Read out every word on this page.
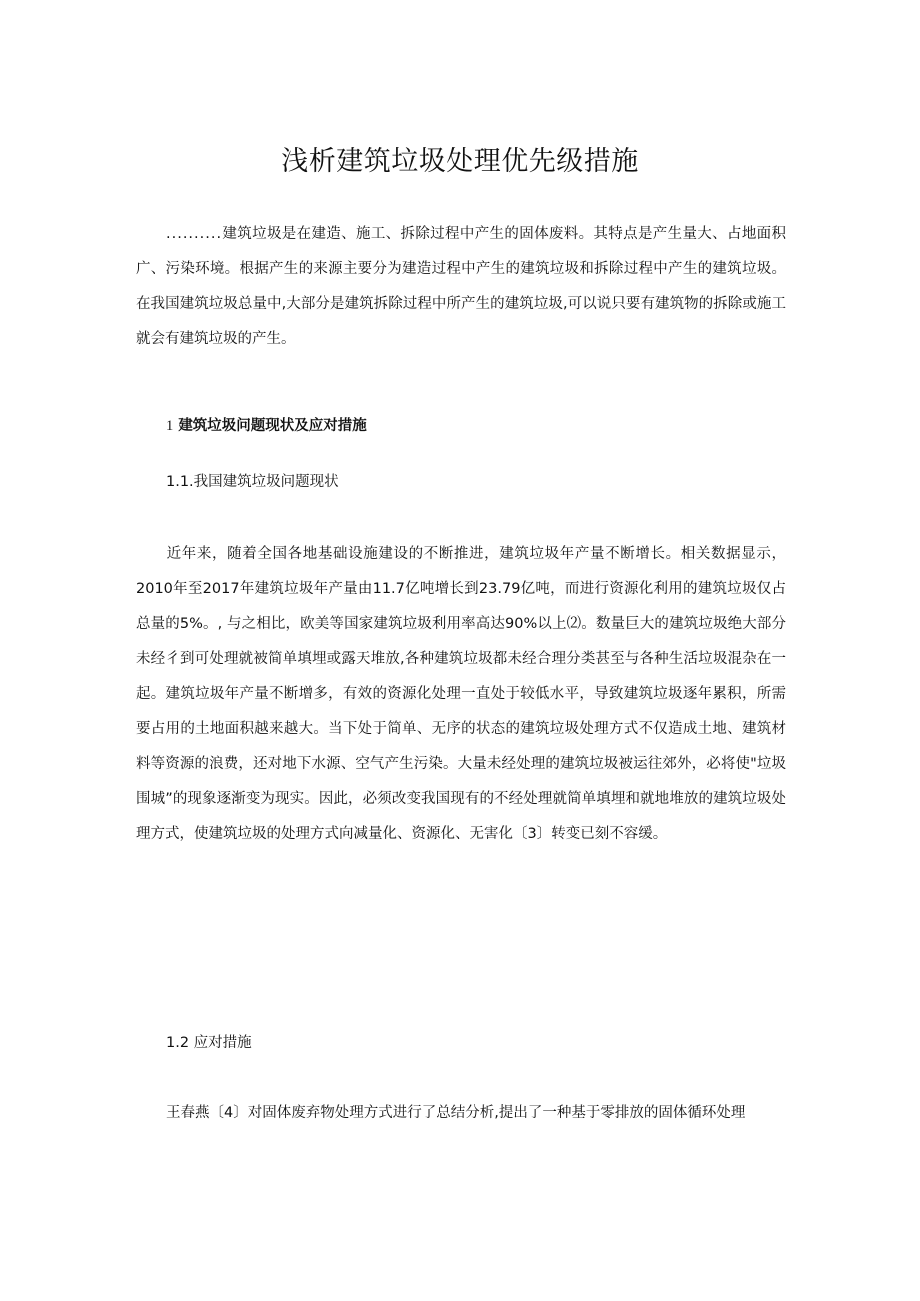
浅析建筑垃圾处理优先级措施

..........建筑垃圾是在建造、施工、拆除过程中产生的固体废料。其特点是产生量大、占地面积广、污染环境。根据产生的来源主要分为建造过程中产生的建筑垃圾和拆除过程中产生的建筑垃圾。在我国建筑垃圾总量中,大部分是建筑拆除过程中所产生的建筑垃圾,可以说只要有建筑物的拆除或施工就会有建筑垃圾的产生。

1 建筑垃圾问题现状及应对措施

1.1.我国建筑垃圾问题现状

近年来，随着全国各地基础设施建设的不断推进，建筑垃圾年产量不断增长。相关数据显示，2010年至2017年建筑垃圾年产量由11.7亿吨增长到23.79亿吨，而进行资源化利用的建筑垃圾仅占总量的5%。, 与之相比，欧美等国家建筑垃圾利用率高达90%以上⑵。数量巨大的建筑垃圾绝大部分未经彳到可处理就被简单填埋或露天堆放,各种建筑垃圾都未经合理分类甚至与各种生活垃圾混杂在一起。建筑垃圾年产量不断增多，有效的资源化处理一直处于较低水平，导致建筑垃圾逐年累积，所需要占用的土地面积越来越大。当下处于简单、无序的状态的建筑垃圾处理方式不仅造成土地、建筑材料等资源的浪费，还对地下水源、空气产生污染。大量未经处理的建筑垃圾被运往郊外，必将使"垃圾围城”的现象逐渐变为现实。因此，必须改变我国现有的不经处理就简单填埋和就地堆放的建筑垃圾处理方式，使建筑垃圾的处理方式向减量化、资源化、无害化〔3〕转变已刻不容缓。

1.2 应对措施

王春燕〔4〕对固体废弃物处理方式进行了总结分析,提出了一种基于零排放的固体循环处理
